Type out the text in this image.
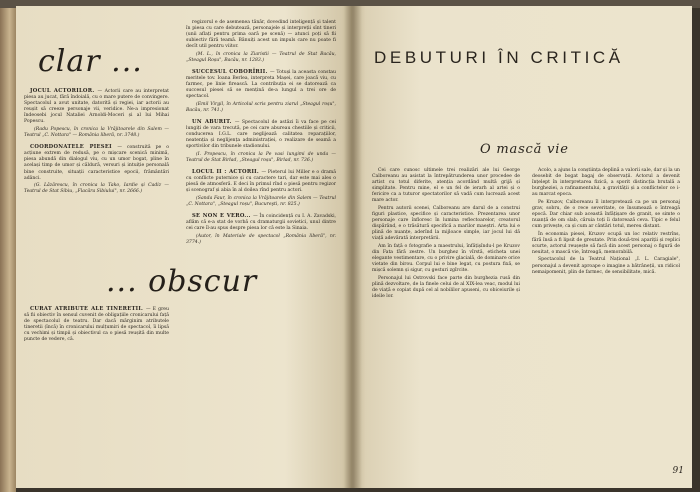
clar ...

JOCUL ACTORILOR. — Actorii care au interpretat piesa au jucat, fără îndoială, cu o mare putere de convingere. Spectacolul a avut unitate, datorită și regiei, iar actorii au reușit să creeze personaje vii, veridice. Ne-a impresionat îndeosebi jocul Nataliei Arnoldi-Moceri și al lui Mihai Popescu.

(Radu Popescu, în cronica la Vrăjitoarele din Salem — Teatrul „C. Nottara" — România liberă, nr. 3748.)

COORDONATELE PIESEI — construită pe o acțiune extrem de redusă, pe o mișcare scenică minimă, piesa abundă din dialogul viu, cu un umor bogat, pline în același timp de umor și căldură, versuri și intuiție personală bine construite, situații caracteristice epocii, frământări adânci.

(G. Lăzărescu, în cronica la Tako, Iardie și Cadiz — Teatrul de Stat Sibiu, „Flacăra Sibiului", nr. 2666.)

... obscur

CURAT ATRIBUTE ALE TINERETII. — E greu să fii obiectiv în sensul cuvenit de obligațiile cronicarului față de spectacolul de teatru. Dar dacă mărginim atributele tineretii (încă) în cronicarului mulțumiri de spectacol, îi lipsă cu vechimi și timpii și obiectivul ca o piesă reușită din multe puncte de vedere, că.

regizorul e de asemenea tânăr, dovedind inteligență și talent în piesa cu care debutează, personajele și interpreții sînt tineri (unii aflați pentru prima oară pe scenă) — atunci poți să fii subiectiv fără teamă. Bănuiți acest un impuls care nu poate fi decît util pentru viitor.

(M. L., în cronica la Ziaristii — Teatrul de Stat Bacău, „Steagul Roșu", Bacău, nr. 1283.)

SUCCESUL COBORÎRII. — Totuși la aceasta constau meritele tov. Ioana Berlea, interpreta Mașei, care joacă viu, cu farmec, pe linie firească. La contribuția ei se datorează ca succesul piesei să se mențină de-a lungul a trei ore de spectacol.

(Emil Virgil, în Articolul scris pentru ziarul „Steagul roșu", Bacău, nr. 741.)

UN ABURIT. — Spectacolul de astăzi îi va face pe cei lungiți de vara trecută, pe cei care abureau chestiile și criticii, conducerea I.G.L. care neglijează calitatea reparațiilor, neatenția și neglijența administrației, o realizare de seamă a sportivilor din tribunele stadionului.

(I. Propescu, în cronica la Pe vasi lungimi de unda — Teatrul de Stat Birlad, „Steagul roșu", Birlad, nr. 736.)

LOCUL II : ACTORII. — Pieterul lui Miller e o dramă cu conflicte puternice și cu caractere tari, dar este mai ales o piesă de atmosferă. E deci în primul rînd o piesă pentru regizor și scenograf și abia în al doilea rînd pentru actori.

(Sanda Faur, în cronica la Vrăjitoarele din Salem — Teatrul „C. Nottara", „Steagul roșu", Bucureşti, nr. 825.)

SE NON E VERO... — În coincidență cu I. A. Zavadski, aflăm că e-a stat de vorbă cu dramaturgii sovietici, unul dintre cei care îl-au spus despre piesa lor că este la Sinaia.

(Autor, în Materiale de spectacol „România liberă", nr. 3774.)

DEBUTURI ÎN CRITICĂ
O mască vie

Cei care cunosc ultimele trei realizări ale lui George Calboreanu au asistat la întrepătrunderea unor procedee de artist cu totul diferite, atenția acordând multă grijă și simplitate. Pentru mine, el e un fel de ierarh al artei și o fericire ca a tuturor spectatorilor să vadă cum lucrează acest mare actor.

Pentru autorii scenei, Calboreanu are darul de a construi figuri plastice, specifice și caracteristice. Prezentarea unor personaje care înfloresc în lumina reflectoarelor, creatorul dispărând, e o trăsătură specifică a marilor maeștri. Arta lui e plină de nuanțe, aderînd la mijloace simple, iar jocul lui dă viață adevărată interpretării.

Am în față o fotografie a maestrului, înfățișîndu-l pe Kruzov din Fata fără zestre. Un burghez în vîrstă, eticheta unei elegante vestimentare, cu o privire glacială, de dominare orice vietate din birou. Corpul lui e bine legat, cu postura fixă, se mișcă solemn și sigur, cu gesturi zgîrcite.

Personajul lui Ostrovski face parte din burghezia rusă din plină dezvoltare, de la finele celui de al XIX-lea veac, modul lui de viață e copiat după cel al nobililor apuseni, cu obiceiurile și ideile lor.

Acolo, a ajuns la conștiința deplină a valorii sale, dar și la un deosebit de bogat bagaj de observații. Actorul a devenit înțelept în interpretarea fizică, a sporit distincția brutală a burgheziei, a rafinamentului, a gravității și a conflictelor ce i-au marcat epoca.

Pe Kruzov, Calboreanu îl interpretează ca pe un personaj grav, sobru, de o rece severitate, ce însumează o întreagă epocă. Dar chiar sub această înfățișare de granit, se simte o nuanță de om slab, căruia toți îi datorează ceva. Tipic e felul cum privește, ca și cum ar cântări totul, mereu distant.

În economia piesei, Kruzov ocupă un loc relativ restrîns, fără însă a fi lipsit de greutate. Prin două-trei apariții și replici scurte, actorul reușește să facă din acest personaj o figură de neuitat, o mască vie, întreagă, memorabilă.

Spectacolul de la Teatrul Național „I. L. Caragiale", personajul a devenit aproape o imagine a bătrâneții, un ridicol nemaipomenit, plin de farmec, de sensibilitate, mică.

91
